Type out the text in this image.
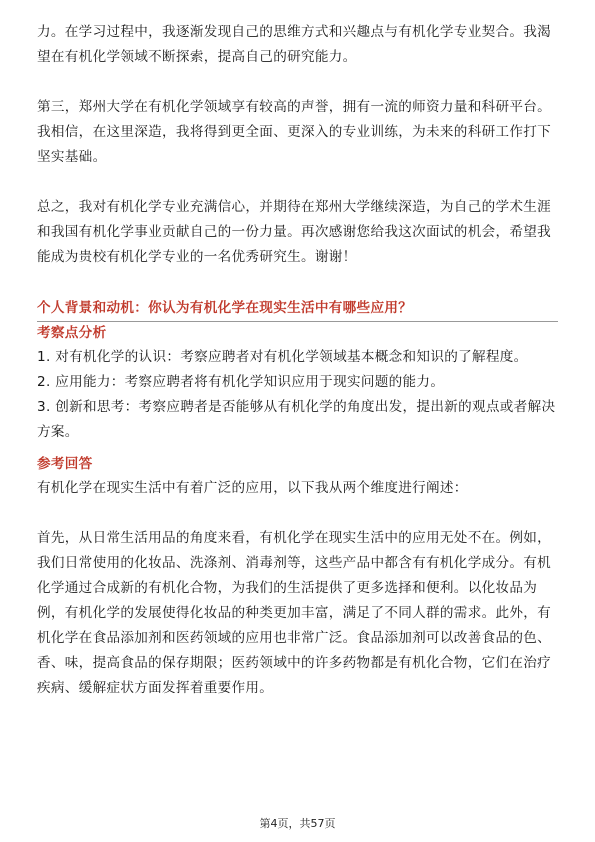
力。在学习过程中，我逐渐发现自己的思维方式和兴趣点与有机化学专业契合。我渴望在有机化学领域不断探索，提高自己的研究能力。

第三，郑州大学在有机化学领域享有较高的声誉，拥有一流的师资力量和科研平台。我相信，在这里深造，我将得到更全面、更深入的专业训练，为未来的科研工作打下坚实基础。

总之，我对有机化学专业充满信心，并期待在郑州大学继续深造，为自己的学术生涯和我国有机化学事业贡献自己的一份力量。再次感谢您给我这次面试的机会，希望我能成为贵校有机化学专业的一名优秀研究生。谢谢！

个人背景和动机：你认为有机化学在现实生活中有哪些应用？

考察点分析

1. 对有机化学的认识：考察应聘者对有机化学领域基本概念和知识的了解程度。

2. 应用能力：考察应聘者将有机化学知识应用于现实问题的能力。

3. 创新和思考：考察应聘者是否能够从有机化学的角度出发，提出新的观点或者解决方案。

参考回答

有机化学在现实生活中有着广泛的应用，以下我从两个维度进行阐述：

首先，从日常生活用品的角度来看，有机化学在现实生活中的应用无处不在。例如，我们日常使用的化妆品、洗涤剂、消毒剂等，这些产品中都含有有机化学成分。有机化学通过合成新的有机化合物，为我们的生活提供了更多选择和便利。以化妆品为例，有机化学的发展使得化妆品的种类更加丰富，满足了不同人群的需求。此外，有机化学在食品添加剂和医药领域的应用也非常广泛。食品添加剂可以改善食品的色、香、味，提高食品的保存期限；医药领域中的许多药物都是有机化合物，它们在治疗疾病、缓解症状方面发挥着重要作用。

第4页，共57页
